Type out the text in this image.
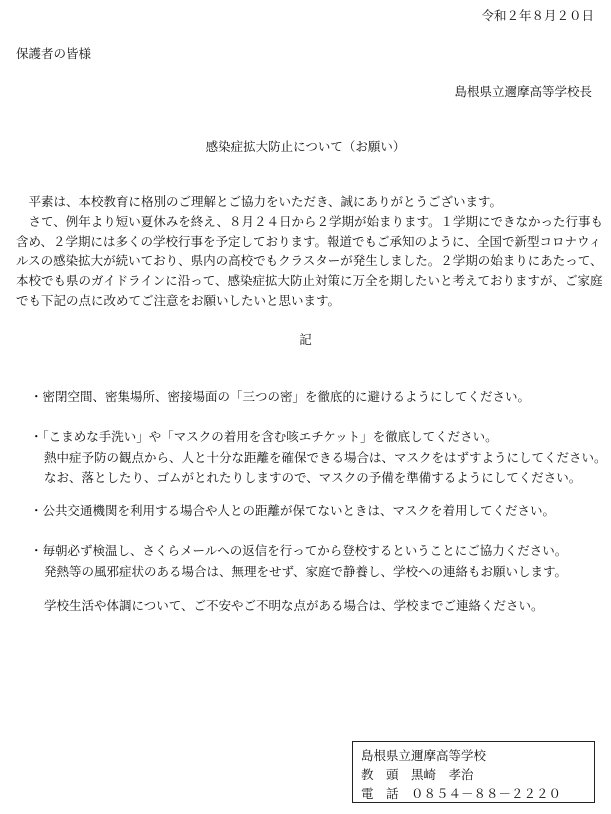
令和２年８月２０日
保護者の皆様
島根県立邇摩高等学校長
感染症拡大防止について（お願い）

　平素は、本校教育に格別のご理解とご協力をいただき、誠にありがとうございます。

　さて、例年より短い夏休みを終え、８月２４日から２学期が始まります。１学期にできなかった行事も

含め、２学期には多くの学校行事を予定しております。報道でもご承知のように、全国で新型コロナウィ

ルスの感染拡大が続いており、県内の高校でもクラスターが発生しました。２学期の始まりにあたって、

本校でも県のガイドラインに沿って、感染症拡大防止対策に万全を期したいと考えておりますが、ご家庭

でも下記の点に改めてご注意をお願いしたいと思います。

記

・密閉空間、密集場所、密接場面の「三つの密」を徹底的に避けるようにしてください。

・「こまめな手洗い」や「マスクの着用を含む咳エチケット」を徹底してください。

熱中症予防の観点から、人と十分な距離を確保できる場合は、マスクをはずすようにしてください。

なお、落としたり、ゴムがとれたりしますので、マスクの予備を準備するようにしてください。

・公共交通機関を利用する場合や人との距離が保てないときは、マスクを着用してください。

・毎朝必ず検温し、さくらメールへの返信を行ってから登校するということにご協力ください。

発熱等の風邪症状のある場合は、無理をせず、家庭で静養し、学校への連絡もお願いします。

学校生活や体調について、ご不安やご不明な点がある場合は、学校までご連絡ください。

島根県立邇摩高等学校

教　頭　黒崎　孝治

電　話　０８５４－８８－２２２０
